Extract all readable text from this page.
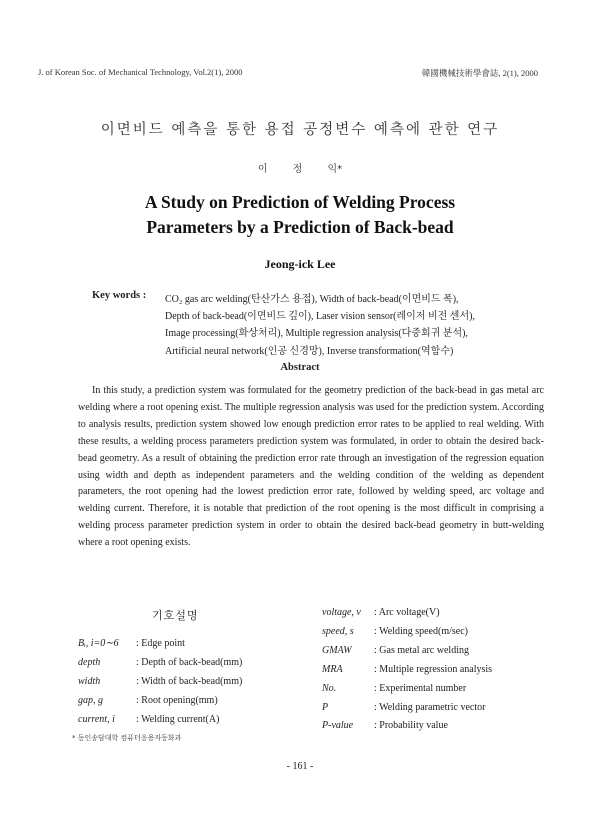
J. of Korean Soc. of Mechanical Technology, Vol.2(1), 2000	韓國機械技術學會誌, 2(1), 2000
이면비드 예측을 통한 용접 공정변수 예측에 관한 연구
이 정 익*
A Study on Prediction of Welding Process
Parameters by a Prediction of Back-bead
Jeong-ick Lee
Key words : CO₂ gas arc welding(탄산가스 용접), Width of back-bead(이면비드 폭),
Depth of back-bead(이면비드 깊이), Laser vision sensor(레이저 비전 센서),
Image processing(화상처리), Multiple regression analysis(다중회귀 분석),
Artificial neural network(인공 신경망), Inverse transformation(역함수)
Abstract

In this study, a prediction system was formulated for the geometry prediction of the back-bead in gas metal arc welding where a root opening exist. The multiple regression analysis was used for the prediction system. According to analysis results, prediction system showed low enough prediction error rates to be applied to real welding. With these results, a welding process parameters prediction system was formulated, in order to obtain the desired back-bead geometry. As a result of obtaining the prediction error rate through an investigation of the regression equation using width and depth as independent parameters and the welding condition of the welding as dependent parameters, the root opening had the lowest prediction error rate, followed by welding speed, arc voltage and welding current. Therefore, it is notable that prediction of the root opening is the most difficult in comprising a welding process parameter prediction system in order to obtain the desired back-bead geometry in butt-welding where a root opening exists.

기호설명
Bᵢ, i=0∼6 : Edge point
depth	: Depth of back-bead(mm)
width	: Width of back-bead(mm)
gap, g	: Root opening(mm)
current, i : Welding current(A)
voltage, v : Arc voltage(V)
speed, s : Welding speed(m/sec)
GMAW : Gas metal arc welding
MRA	: Multiple regression analysis
No.	: Experimental number
P	: Welding parametric vector
P-value : Probability value
* 동인송담대학 컴퓨터응용자동화과
- 161 -
